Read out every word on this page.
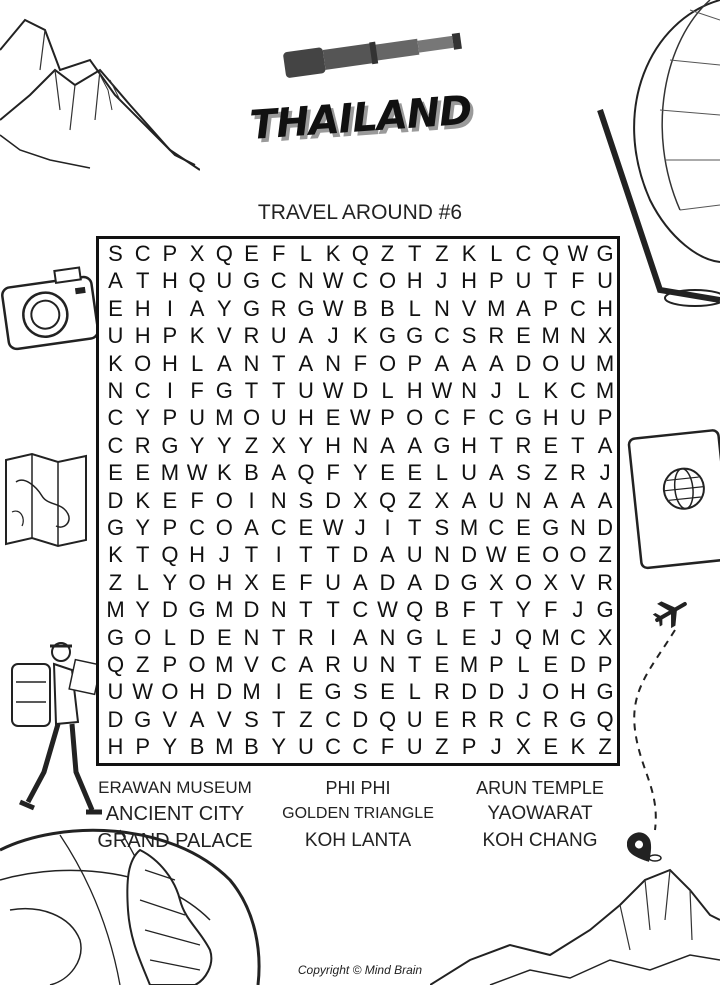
THAILAND
TRAVEL AROUND #6
S C P X Q E F L K Q Z T Z K L C Q W G
A T H Q U G C N W C O H J H P U T F U
E H I A Y G R G W B B L N V M A P C H
U H P K V R U A J K G G C S R E M N X
K O H L A N T A N F O P A A A D O U M
N C I F G T T U W D L H W N J L K C M
C Y P U M O U H E W P O C F C G H U P
C R G Y Y Z X Y H N A A G H T R E T A
E E M W K B A Q F Y E E L U A S Z R J
D K E F O I N S D X Q Z X A U N A A A
G Y P C O A C E W J I T S M C E G N D
K T Q H J T I T T D A U N D W E O O Z
Z L Y O H X E F U A D A D G X O X V R
M Y D G M D N T T C W Q B F T Y F J G
G O L D E N T R I A N G L E J Q M C X
Q Z P O M V C A R U N T E M P L E D P
U W O H D M I E G S E L R D D J O H G
D G V A V S T Z C D Q U E R R C R G Q
H P Y B M B Y U C C F U Z P J X E K Z
ERAWAN MUSEUM
ANCIENT CITY
GRAND PALACE
PHI PHI
GOLDEN TRIANGLE
KOH LANTA
ARUN TEMPLE
YAOWARAT
KOH CHANG
Copyright © Mind Brain
